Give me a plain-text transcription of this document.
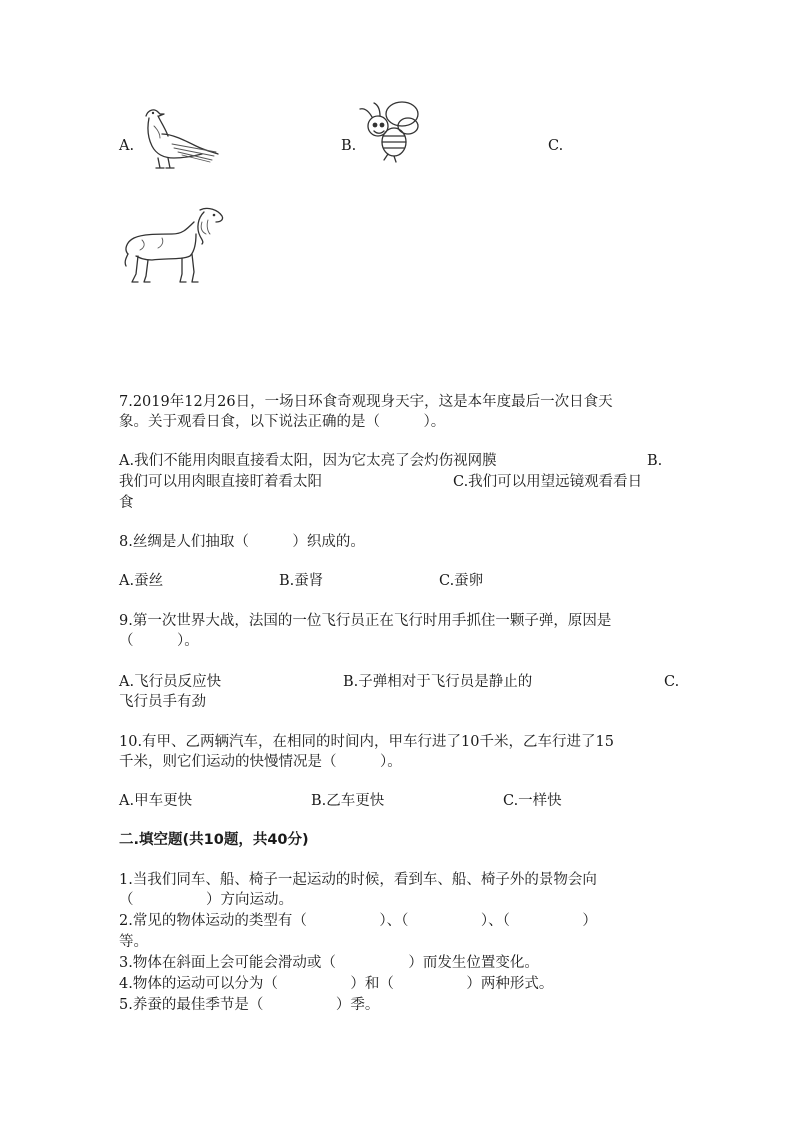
A.	B.	C.
7.2019年12月26日，一场日环食奇观现身天宇，这是本年度最后一次日食天
象。关于观看日食，以下说法正确的是（　　　）。
A.我们不能用肉眼直接看太阳，因为它太亮了会灼伤视网膜	B.
我们可以用肉眼直接盯着看太阳	C.我们可以用望远镜观看看日
食
8.丝绸是人们抽取（　　　）织成的。
A.蚕丝	B.蚕肾	C.蚕卵
9.第一次世界大战，法国的一位飞行员正在飞行时用手抓住一颗子弹，原因是
（　　　）。
A.飞行员反应快	B.子弹相对于飞行员是静止的	C.
飞行员手有劲
10.有甲、乙两辆汽车，在相同的时间内，甲车行进了10千米，乙车行进了15
千米，则它们运动的快慢情况是（　　　）。
A.甲车更快	B.乙车更快	C.一样快
二.填空题(共10题，共40分)
1.当我们同车、船、椅子一起运动的时候，看到车、船、椅子外的景物会向
（　　　　　）方向运动。
2.常见的物体运动的类型有（　　　　　）、（　　　　　）、（　　　　　）
等。
3.物体在斜面上会可能会滑动或（　　　　　）而发生位置变化。
4.物体的运动可以分为（　　　　　）和（　　　　　）两种形式。
5.养蚕的最佳季节是（　　　　　）季。
